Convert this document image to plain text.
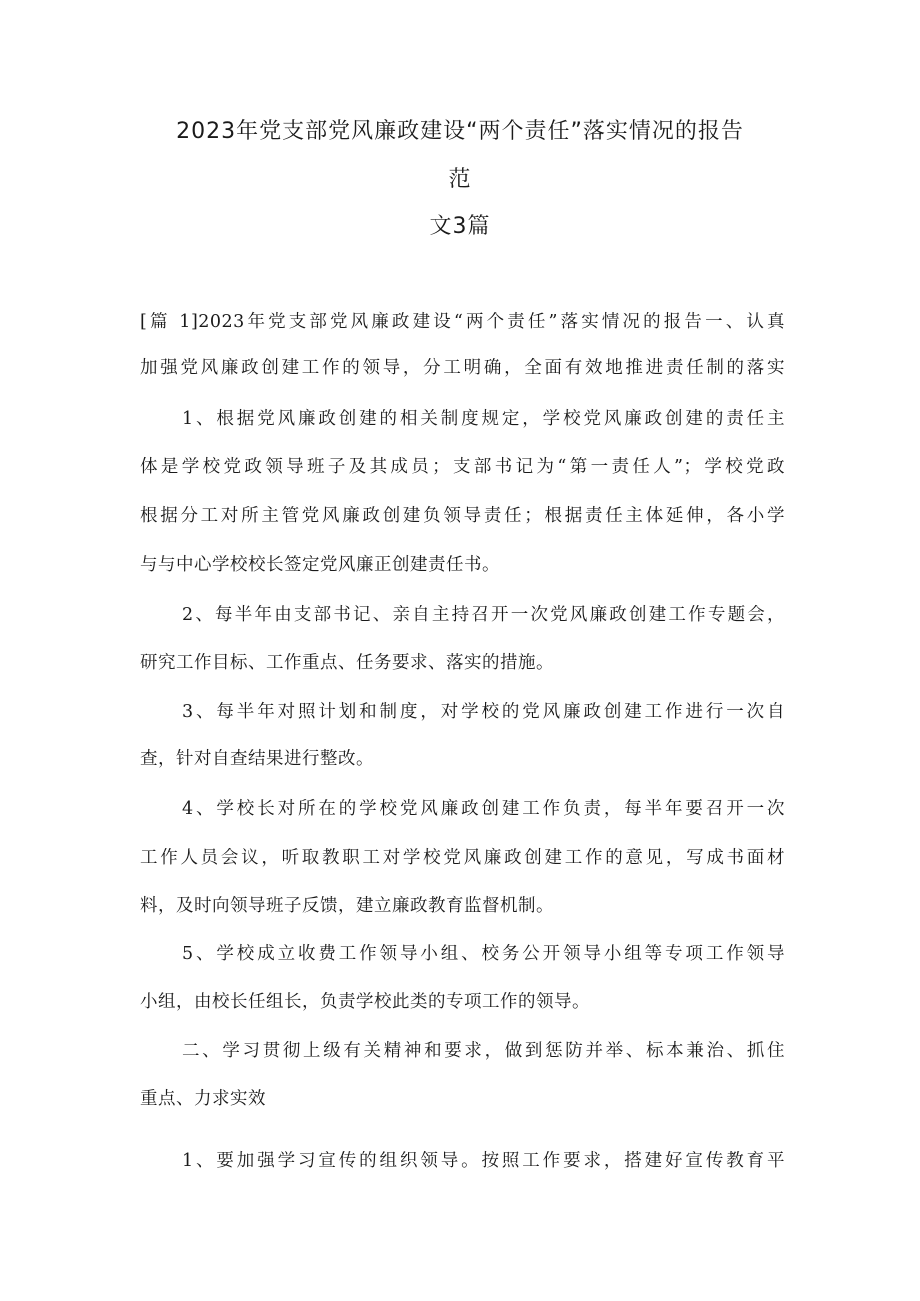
2023年党支部党风廉政建设“两个责任”落实情况的报告
范
文3篇
[篇 1]2023年党支部党风廉政建设“两个责任”落实情况的报告一、认真
加强党风廉政创建工作的领导，分工明确，全面有效地推进责任制的落实
1、根据党风廉政创建的相关制度规定，学校党风廉政创建的责任主
体是学校党政领导班子及其成员；支部书记为“第一责任人”；学校党政
根据分工对所主管党风廉政创建负领导责任；根据责任主体延伸，各小学
与与中心学校校长签定党风廉正创建责任书。
2、每半年由支部书记、亲自主持召开一次党风廉政创建工作专题会，
研究工作目标、工作重点、任务要求、落实的措施。
3、每半年对照计划和制度，对学校的党风廉政创建工作进行一次自
查，针对自查结果进行整改。
4、学校长对所在的学校党风廉政创建工作负责，每半年要召开一次
工作人员会议，听取教职工对学校党风廉政创建工作的意见，写成书面材
料，及时向领导班子反馈，建立廉政教育监督机制。
5、学校成立收费工作领导小组、校务公开领导小组等专项工作领导
小组，由校长任组长，负责学校此类的专项工作的领导。
二、学习贯彻上级有关精神和要求，做到惩防并举、标本兼治、抓住
重点、力求实效
1、要加强学习宣传的组织领导。按照工作要求，搭建好宣传教育平
